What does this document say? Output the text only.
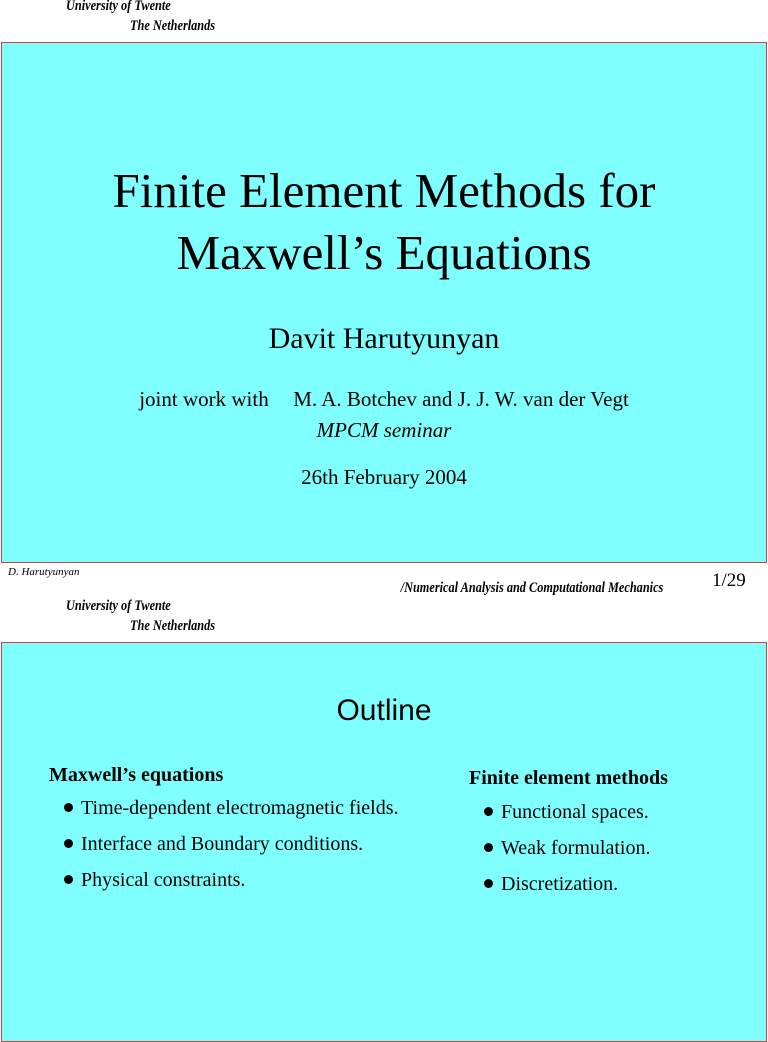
University of Twente
The Netherlands
Finite Element Methods for
Maxwell’s Equations
Davit Harutyunyan
joint work with M. A. Botchev and J. J. W. van der Vegt
MPCM seminar
26th February 2004
D. Harutyunyan
/Numerical Analysis and Computational Mechanics	1/29
University of Twente
The Netherlands
Outline
Maxwell’s equations
Time-dependent electromagnetic fields.
Interface and Boundary conditions.
Physical constraints.
Finite element methods
Functional spaces.
Weak formulation.
Discretization.
